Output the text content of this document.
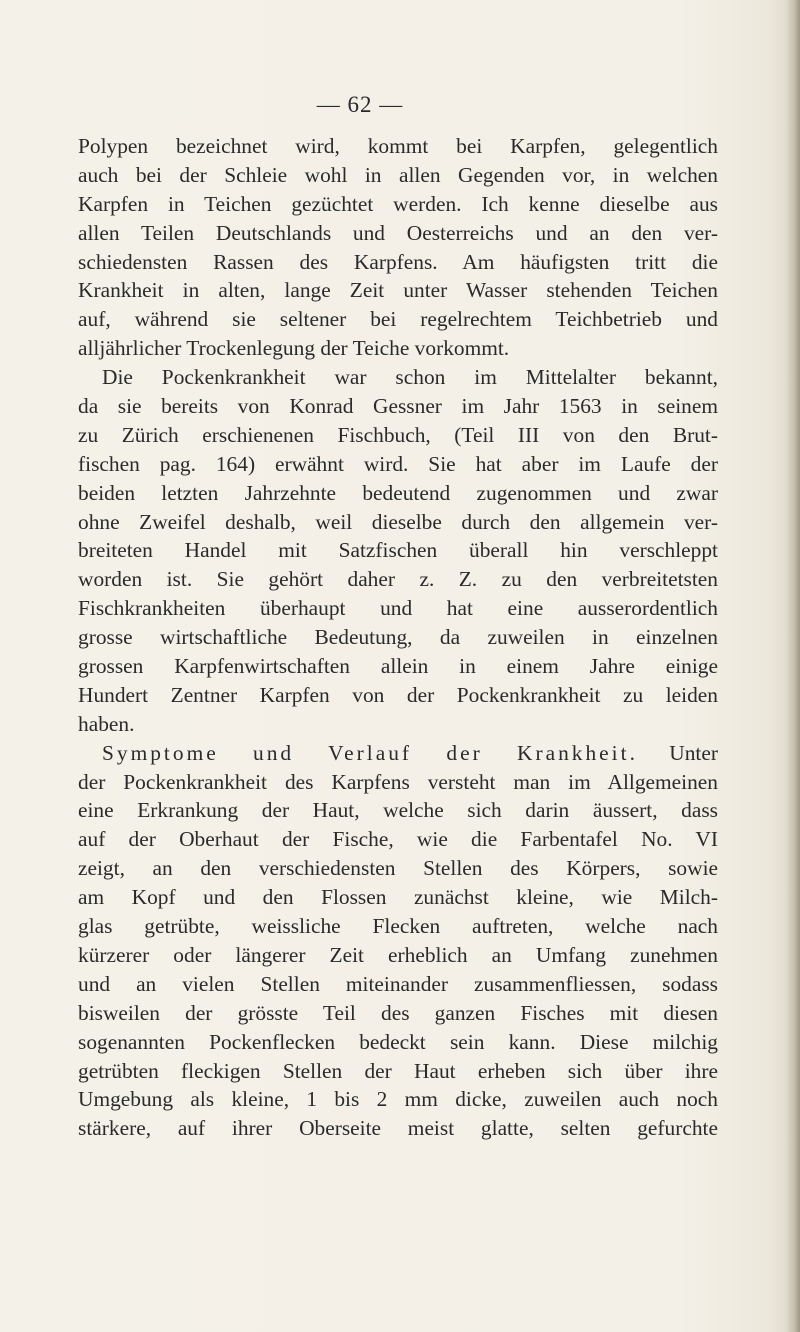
— 62 —
Polypen bezeichnet wird, kommt bei Karpfen, gelegentlich
auch bei der Schleie wohl in allen Gegenden vor, in welchen
Karpfen in Teichen gezüchtet werden. Ich kenne dieselbe aus
allen Teilen Deutschlands und Oesterreichs und an den ver-
schiedensten Rassen des Karpfens. Am häufigsten tritt die
Krankheit in alten, lange Zeit unter Wasser stehenden Teichen
auf, während sie seltener bei regelrechtem Teichbetrieb und
alljährlicher Trockenlegung der Teiche vorkommt.
Die Pockenkrankheit war schon im Mittelalter bekannt,
da sie bereits von Konrad Gessner im Jahr 1563 in seinem
zu Zürich erschienenen Fischbuch, (Teil III von den Brut-
fischen pag. 164) erwähnt wird. Sie hat aber im Laufe der
beiden letzten Jahrzehnte bedeutend zugenommen und zwar
ohne Zweifel deshalb, weil dieselbe durch den allgemein ver-
breiteten Handel mit Satzfischen überall hin verschleppt
worden ist. Sie gehört daher z. Z. zu den verbreitetsten
Fischkrankheiten überhaupt und hat eine ausserordentlich
grosse wirtschaftliche Bedeutung, da zuweilen in einzelnen
grossen Karpfenwirtschaften allein in einem Jahre einige
Hundert Zentner Karpfen von der Pockenkrankheit zu leiden
haben.
Symptome und Verlauf der Krankheit. Unter
der Pockenkrankheit des Karpfens versteht man im Allgemeinen
eine Erkrankung der Haut, welche sich darin äussert, dass
auf der Oberhaut der Fische, wie die Farbentafel No. VI
zeigt, an den verschiedensten Stellen des Körpers, sowie
am Kopf und den Flossen zunächst kleine, wie Milch-
glas getrübte, weissliche Flecken auftreten, welche nach
kürzerer oder längerer Zeit erheblich an Umfang zunehmen
und an vielen Stellen miteinander zusammenfliessen, sodass
bisweilen der grösste Teil des ganzen Fisches mit diesen
sogenannten Pockenflecken bedeckt sein kann. Diese milchig
getrübten fleckigen Stellen der Haut erheben sich über ihre
Umgebung als kleine, 1 bis 2 mm dicke, zuweilen auch noch
stärkere, auf ihrer Oberseite meist glatte, selten gefurchte
